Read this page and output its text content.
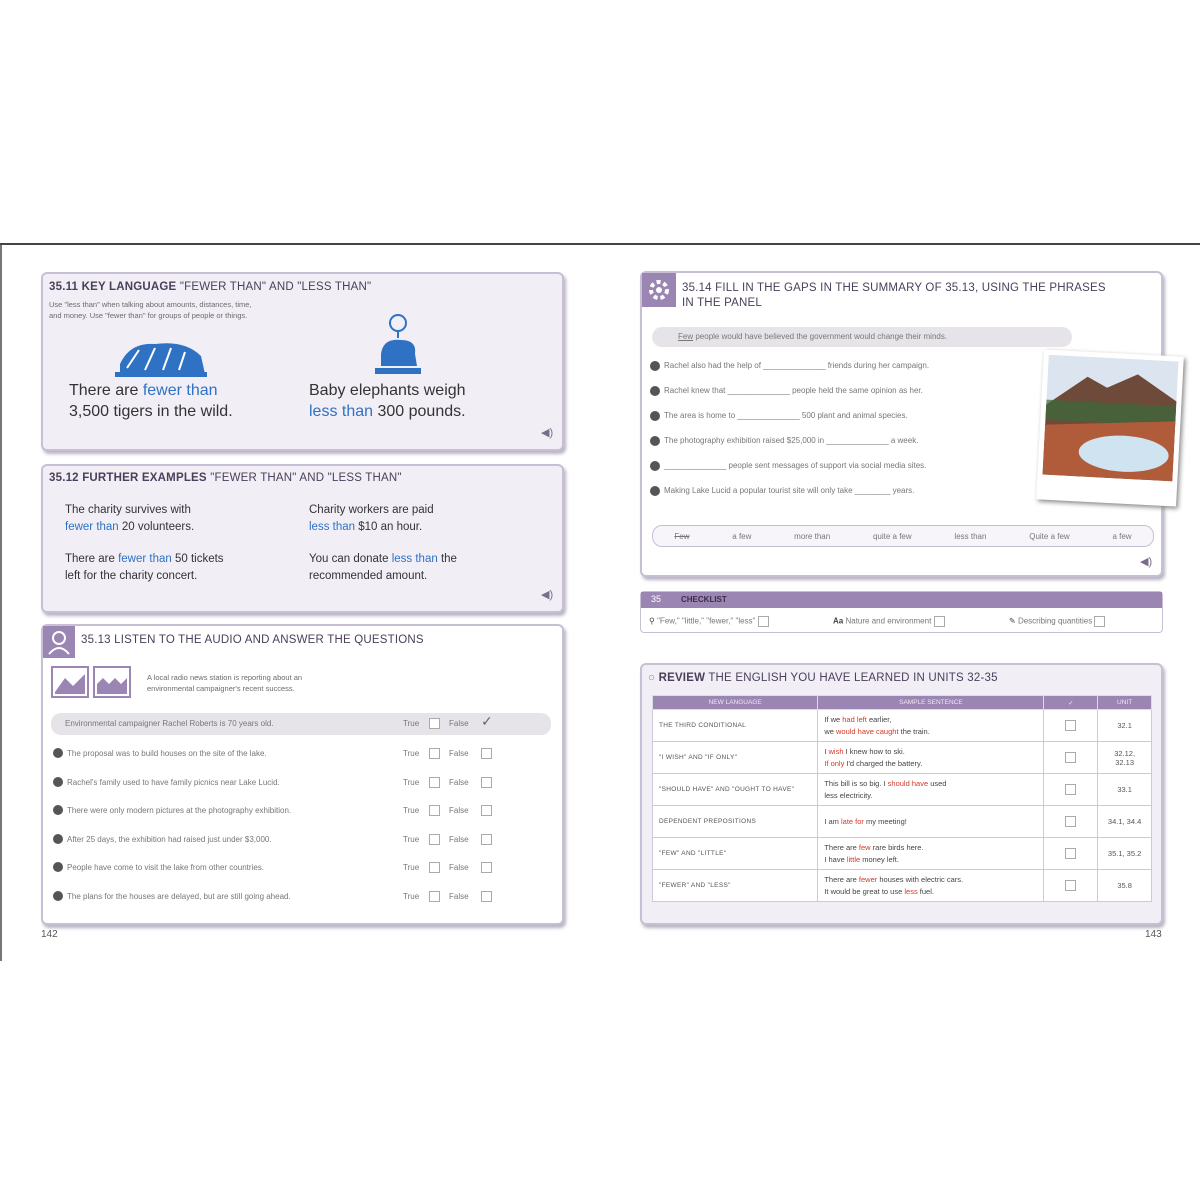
35.11 KEY LANGUAGE "FEWER THAN" AND "LESS THAN"
Use "less than" when talking about amounts, distances, time,
and money. Use "fewer than" for groups of people or things.
There are fewer than
3,500 tigers in the wild.
Baby elephants weigh
less than 300 pounds.
◀)
35.12 FURTHER EXAMPLES "FEWER THAN" AND "LESS THAN"
The charity survives with
fewer than 20 volunteers.
Charity workers are paid
less than $10 an hour.
There are fewer than 50 tickets
left for the charity concert.
You can donate less than the
recommended amount.
◀)
35.13 LISTEN TO THE AUDIO AND ANSWER THE QUESTIONS
A local radio news station is reporting about an
environmental campaigner's recent success.
Environmental campaigner Rachel Roberts is 70 years old.	True	False ✓
The proposal was to build houses on the site of the lake.	True	False
Rachel's family used to have family picnics near Lake Lucid.	True	False
There were only modern pictures at the photography exhibition.	True	False
After 25 days, the exhibition had raised just under $3,000.	True	False
People have come to visit the lake from other countries.	True	False
The plans for the houses are delayed, but are still going ahead.	True	False
142
35.14 FILL IN THE GAPS IN THE SUMMARY OF 35.13, USING THE PHRASES
IN THE PANEL
Few people would have believed the government would change their minds.
Rachel also had the help of ______________ friends during her campaign.
Rachel knew that ______________ people held the same opinion as her.
The area is home to ______________ 500 plant and animal species.
The photography exhibition raised $25,000 in ______________ a week.
______________ people sent messages of support via social media sites.
Making Lake Lucid a popular tourist site will only take ________ years.
Few	a few	more than	quite a few	less than	Quite a few	a few
◀)
35 CHECKLIST
⚲ "Few," "little," "fewer," "less"	Aa Nature and environment	✎ Describing quantities
○ REVIEW THE ENGLISH YOU HAVE LEARNED IN UNITS 32-35
NEW LANGUAGE	SAMPLE SENTENCE	✓	UNIT
THE THIRD CONDITIONAL	If we had left earlier,
we would have caught the train.		32.1
"I WISH" AND "IF ONLY"	I wish I knew how to ski.
If only I'd charged the battery.		32.12, 32.13
"SHOULD HAVE" AND "OUGHT TO HAVE"	This bill is so big. I should have used
less electricity.		33.1
DEPENDENT PREPOSITIONS	I am late for my meeting!		34.1, 34.4
"FEW" AND "LITTLE"	There are few rare birds here.
I have little money left.		35.1, 35.2
"FEWER" AND "LESS"	There are fewer houses with electric cars.
It would be great to use less fuel.		35.8
143
